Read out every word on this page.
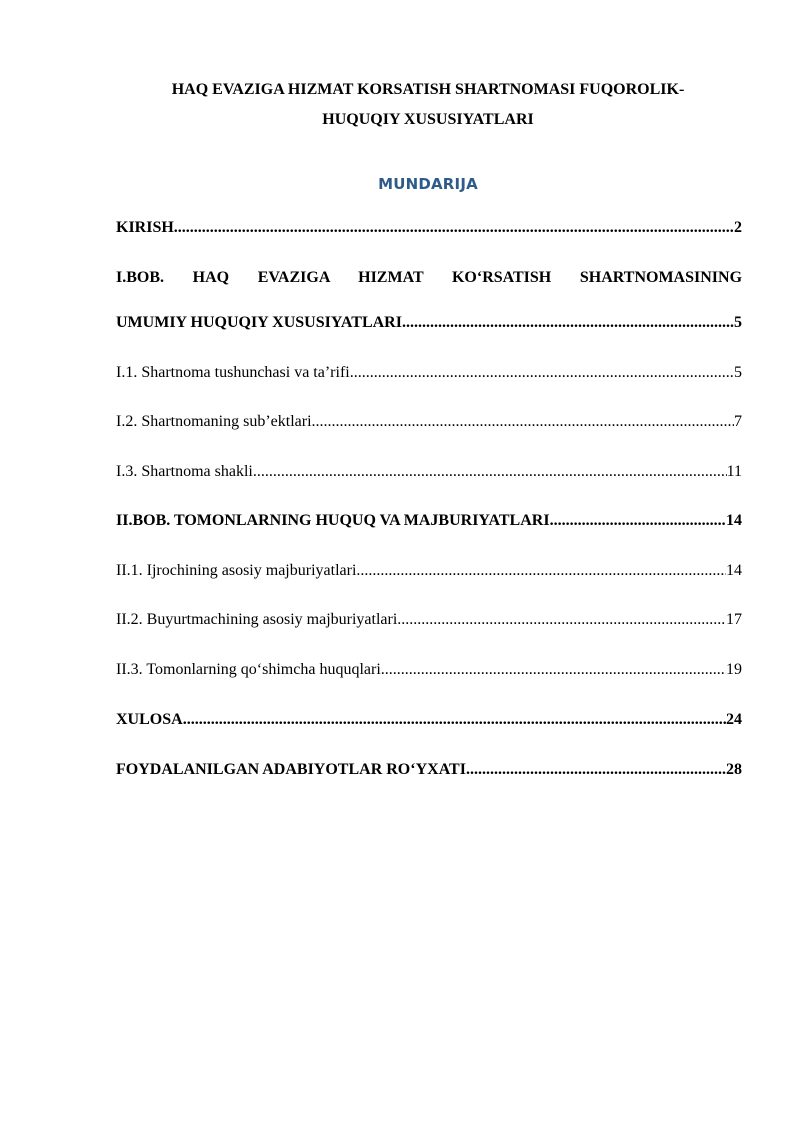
HAQ EVAZIGA HIZMAT KORSATISH SHARTNOMASI FUQOROLIK-
HUQUQIY XUSUSIYATLARI
MUNDARIJA
KIRISH .....	2
I.BOB. HAQ EVAZIGA HIZMAT KO‘RSATISH SHARTNOMASINING
UMUMIY HUQUQIY XUSUSIYATLARI .....	5
I.1. Shartnoma tushunchasi va ta’rifi .....	5
I.2. Shartnomaning sub’ektlari .....	7
I.3. Shartnoma shakli .....	11
II.BOB. TOMONLARNING HUQUQ VA MAJBURIYATLARI .....	14
II.1. Ijrochining asosiy majburiyatlari .....	14
II.2. Buyurtmachining asosiy majburiyatlari .....	17
II.3. Tomonlarning qo‘shimcha huquqlari .....	19
XULOSA .....	24
FOYDALANILGAN ADABIYOTLAR RO‘YXATI .....	28
